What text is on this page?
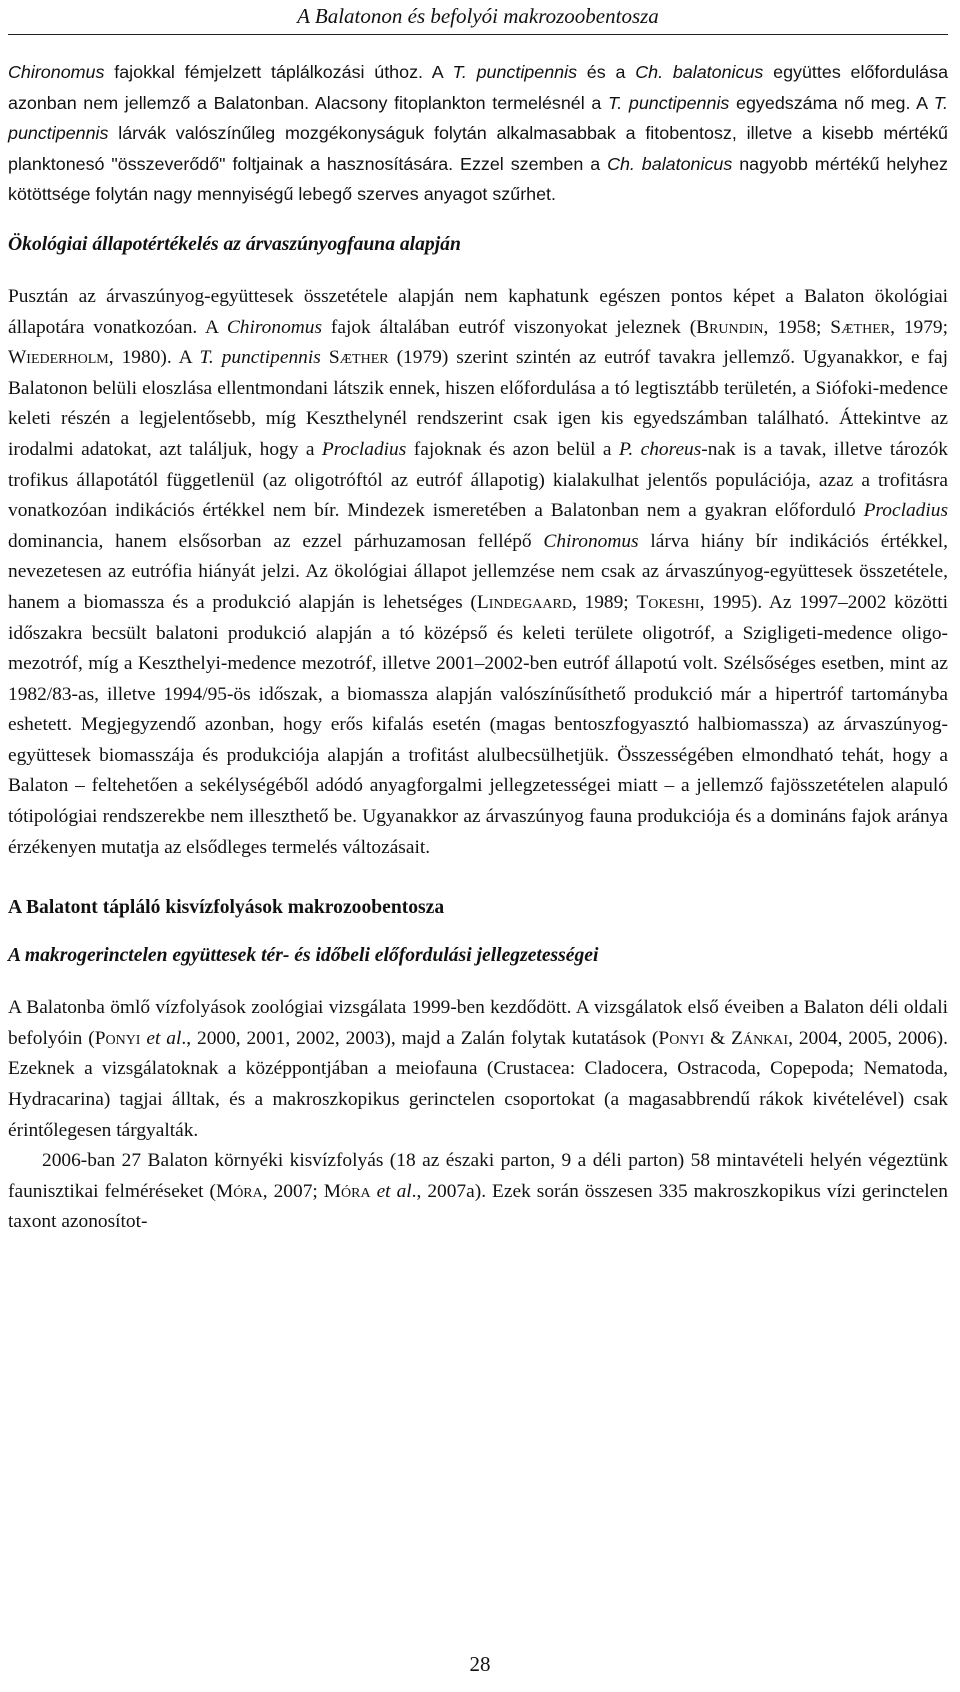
A Balatonon és befolyói makrozoobentosza

Chironomus fajokkal fémjelzett táplálkozási úthoz. A T. punctipennis és a Ch. balatonicus együttes előfordulása azonban nem jellemző a Balatonban. Alacsony fitoplankton termelésnél a T. punctipennis egyedszáma nő meg. A T. punctipennis lárvák valószínűleg mozgékonyságuk folytán alkalmasabbak a fitobentosz, illetve a kisebb mértékű planktonesó "összeverődő" foltjainak a hasznosítására. Ezzel szemben a Ch. balatonicus nagyobb mértékű helyhez kötöttsége folytán nagy mennyiségű lebegő szerves anyagot szűrhet.

Ökológiai állapotértékelés az árvaszúnyogfauna alapján

Pusztán az árvaszúnyog-együttesek összetétele alapján nem kaphatunk egészen pontos képet a Balaton ökológiai állapotára vonatkozóan. A Chironomus fajok általában eutróf viszonyokat jeleznek (Brundin, 1958; Sæther, 1979; Wiederholm, 1980). A T. punctipennis Sæther (1979) szerint szintén az eutróf tavakra jellemző. Ugyanakkor, e faj Balatonon belüli eloszlása ellentmondani látszik ennek, hiszen előfordulása a tó legtisztább területén, a Siófoki-medence keleti részén a legjelentősebb, míg Keszthelynél rendszerint csak igen kis egyedszámban található. Áttekintve az irodalmi adatokat, azt találjuk, hogy a Procladius fajoknak és azon belül a P. choreus-nak is a tavak, illetve tározók trofikus állapotától függetlenül (az oligotróftól az eutróf állapotig) kialakulhat jelentős populációja, azaz a trofitásra vonatkozóan indikációs értékkel nem bír. Mindezek ismeretében a Balatonban nem a gyakran előforduló Procladius dominancia, hanem elsősorban az ezzel párhuzamosan fellépő Chironomus lárva hiány bír indikációs értékkel, nevezetesen az eutrófia hiányát jelzi. Az ökológiai állapot jellemzése nem csak az árvaszúnyog-együttesek összetétele, hanem a biomassza és a produkció alapján is lehetséges (Lindegaard, 1989; Tokeshi, 1995). Az 1997–2002 közötti időszakra becsült balatoni produkció alapján a tó középső és keleti területe oligotróf, a Szigligeti-medence oligo-mezotróf, míg a Keszthelyi-medence mezotróf, illetve 2001–2002-ben eutróf állapotú volt. Szélsőséges esetben, mint az 1982/83-as, illetve 1994/95-ös időszak, a biomassza alapján valószínűsíthető produkció már a hipertróf tartományba eshetett. Megjegyzendő azonban, hogy erős kifalás esetén (magas bentoszfogyasztó halbiomassza) az árvaszúnyog-együttesek biomasszája és produkciója alapján a trofitást alulbecsülhetjük. Összességében elmondható tehát, hogy a Balaton – feltehetően a sekélységéből adódó anyagforgalmi jellegzetességei miatt – a jellemző fajösszetételen alapuló tótipológiai rendszerekbe nem illeszthető be. Ugyanakkor az árvaszúnyog fauna produkciója és a domináns fajok aránya érzékenyen mutatja az elsődleges termelés változásait.

A Balatont tápláló kisvízfolyások makrozoobentosza
A makrogerinctelen együttesek tér- és időbeli előfordulási jellegzetességei

A Balatonba ömlő vízfolyások zoológiai vizsgálata 1999-ben kezdődött. A vizsgálatok első éveiben a Balaton déli oldali befolyóin (Ponyi et al., 2000, 2001, 2002, 2003), majd a Zalán folytak kutatások (Ponyi & Zánkai, 2004, 2005, 2006). Ezeknek a vizsgálatoknak a középpontjában a meiofauna (Crustacea: Cladocera, Ostracoda, Copepoda; Nematoda, Hydracarina) tagjai álltak, és a makroszkopikus gerinctelen csoportokat (a magasabbrendű rákok kivételével) csak érintőlegesen tárgyalták.

2006-ban 27 Balaton környéki kisvízfolyás (18 az északi parton, 9 a déli parton) 58 mintavételi helyén végeztünk faunisztikai felméréseket (Móra, 2007; Móra et al., 2007a). Ezek során összesen 335 makroszkopikus vízi gerinctelen taxont azonosítot-

28
